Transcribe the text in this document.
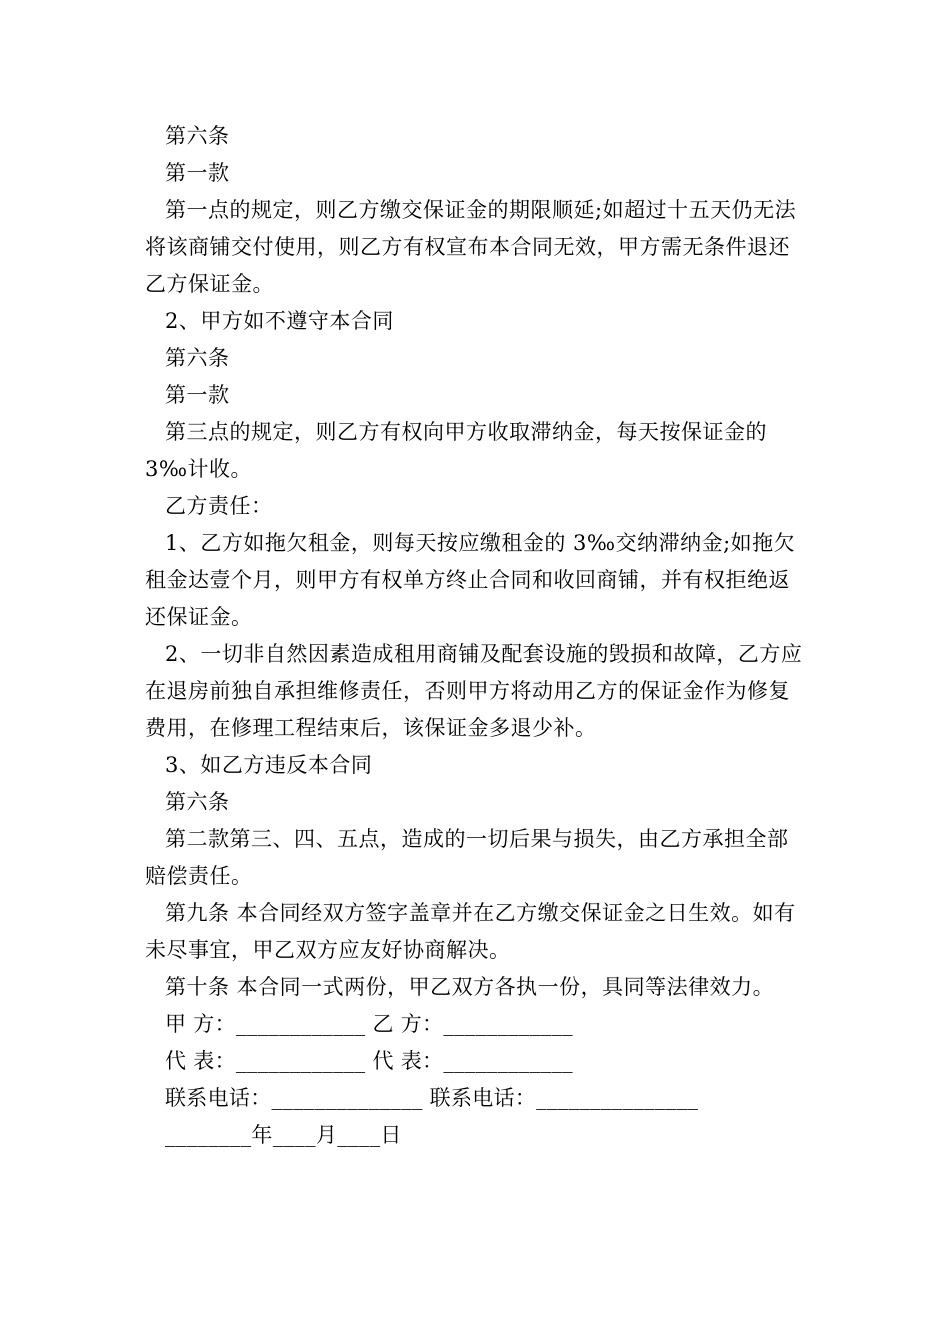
第六条

第一款

第一点的规定，则乙方缴交保证金的期限顺延;如超过十五天仍无法将该商铺交付使用，则乙方有权宣布本合同无效，甲方需无条件退还乙方保证金。

2、甲方如不遵守本合同

第六条

第一款

第三点的规定，则乙方有权向甲方收取滞纳金，每天按保证金的3‰计收。

乙方责任：

1、乙方如拖欠租金，则每天按应缴租金的 3‰交纳滞纳金;如拖欠租金达壹个月，则甲方有权单方终止合同和收回商铺，并有权拒绝返还保证金。

2、一切非自然因素造成租用商铺及配套设施的毁损和故障，乙方应在退房前独自承担维修责任，否则甲方将动用乙方的保证金作为修复费用，在修理工程结束后，该保证金多退少补。

3、如乙方违反本合同

第六条

第二款第三、四、五点，造成的一切后果与损失，由乙方承担全部赔偿责任。

第九条 本合同经双方签字盖章并在乙方缴交保证金之日生效。如有未尽事宜，甲乙双方应友好协商解决。

第十条 本合同一式两份，甲乙双方各执一份，具同等法律效力。

甲 方：____________ 乙 方：____________

代 表：____________ 代 表：____________

联系电话：______________ 联系电话：_______________

________年____月____日
